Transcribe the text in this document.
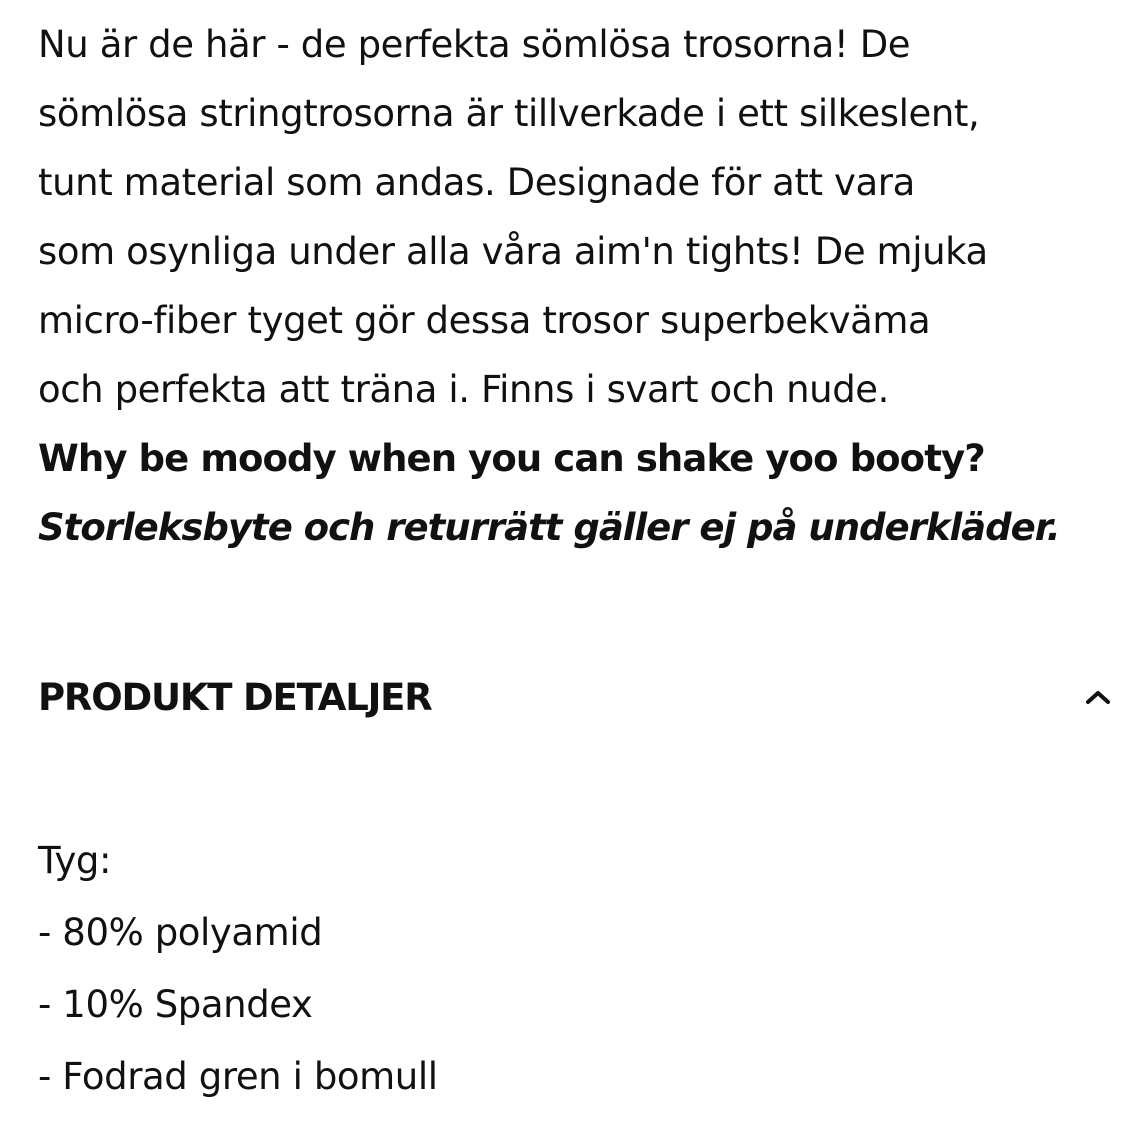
Nu är de här - de perfekta sömlösa trosorna! De
sömlösa stringtrosorna är tillverkade i ett silkeslent,
tunt material som andas. Designade för att vara
som osynliga under alla våra aim'n tights! De mjuka
micro-fiber tyget gör dessa trosor superbekväma
och perfekta att träna i. Finns i svart och nude.
Why be moody when you can shake yoo booty?
Storleksbyte och returrätt gäller ej på underkläder.
PRODUKT DETALJER
Tyg:
- 80% polyamid
- 10% Spandex
- Fodrad gren i bomull
